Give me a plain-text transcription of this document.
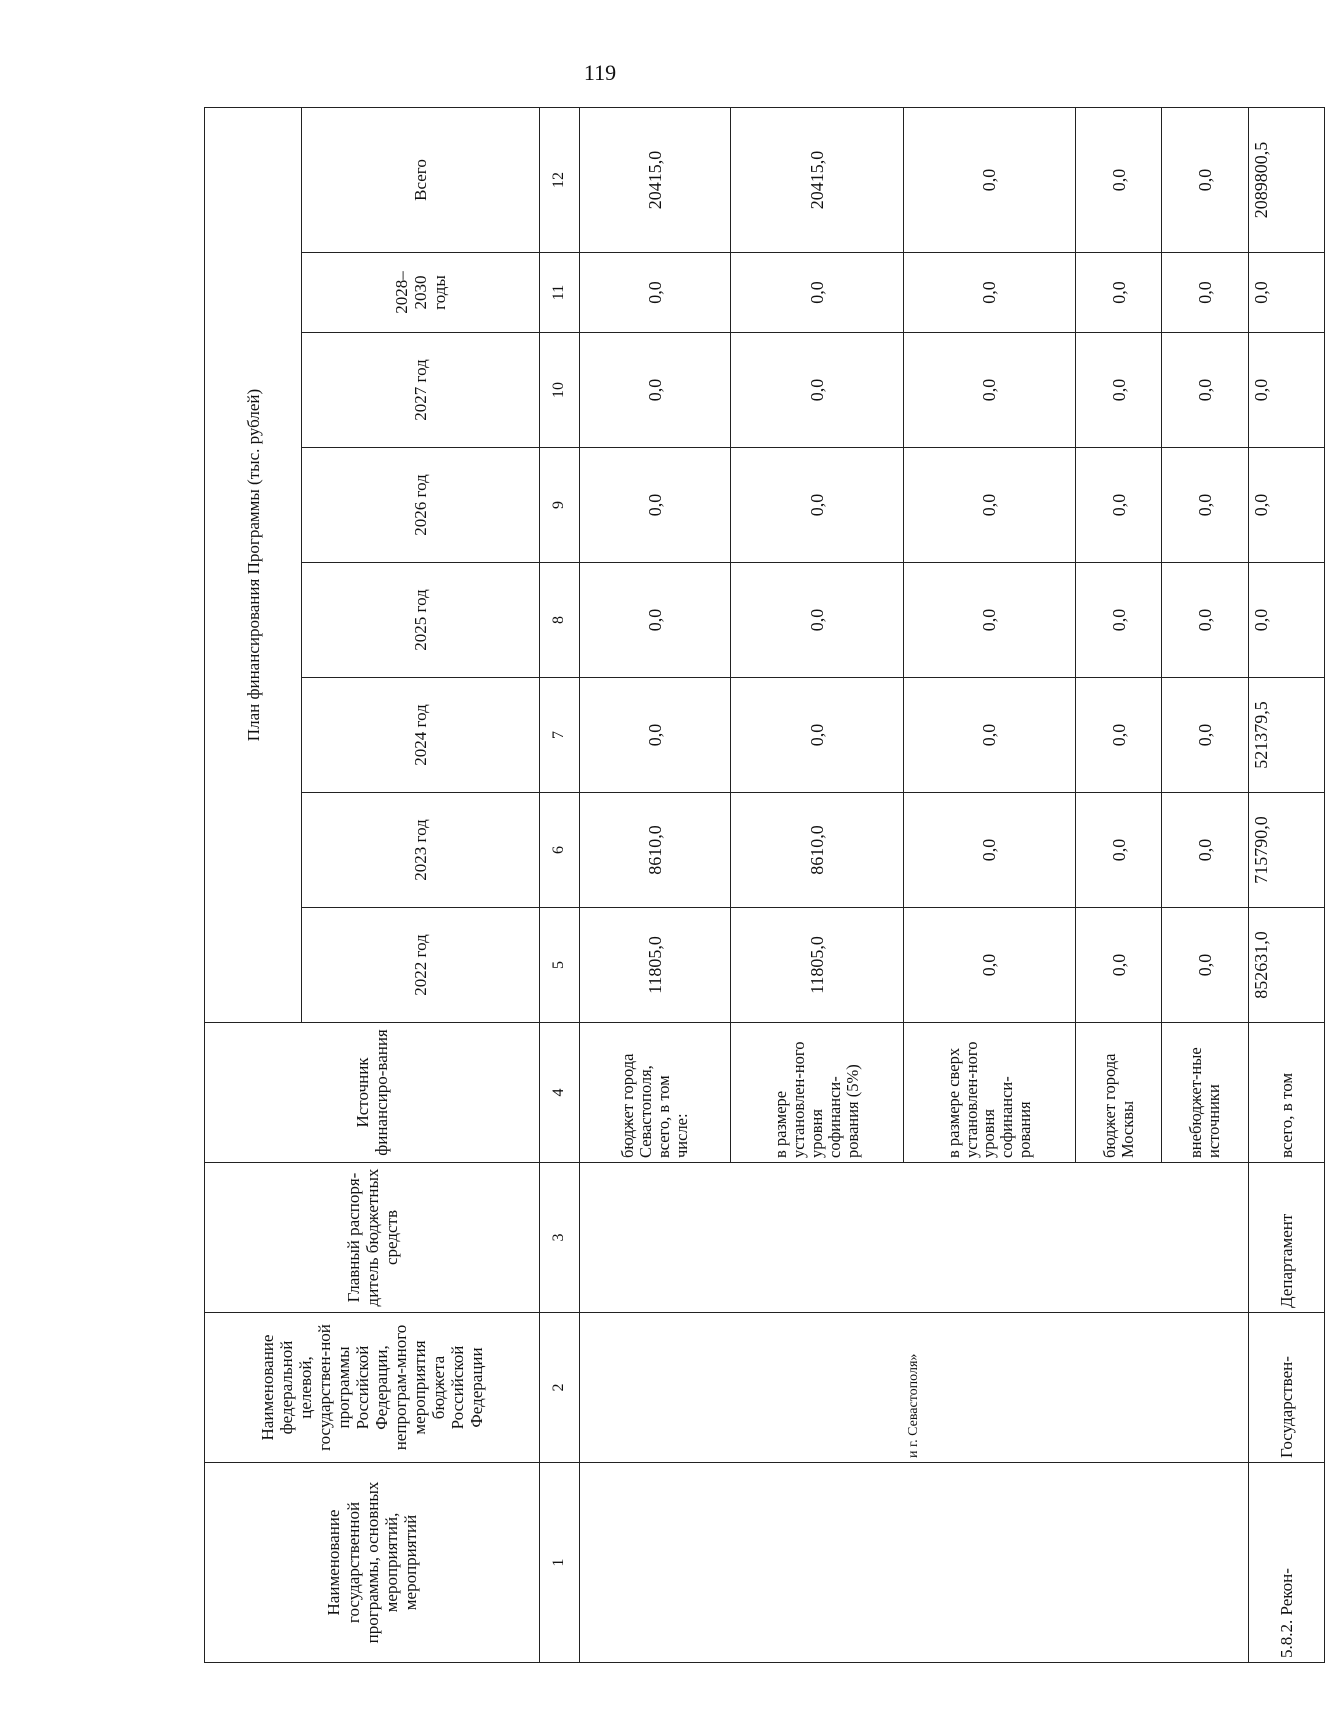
119
Наименование государственной программы, основных мероприятий, мероприятий	Наименование федеральной целевой, государствен-ной программы Российской Федерации, непрограм-много мероприятия бюджета Российской Федерации	Главный распоря-дитель бюджетных средств	Источник финансиро-вания	План финансирования Программы (тыс. рублей)							
				2022 год	2023 год	2024 год	2025 год	2026 год	2027 год	2028–2030 годы	Всего
1	2	3	4	5	6	7	8	9	10	11	12
	и г. Севастополя»		бюджет города Севастополя, всего, в том числе:	11805,0	8610,0	0,0	0,0	0,0	0,0	0,0	20415,0
			в размере установлен-ного уровня софинанси-рования (5%)	11805,0	8610,0	0,0	0,0	0,0	0,0	0,0	20415,0
			в размере сверх установлен-ного уровня софинанси-рования	0,0	0,0	0,0	0,0	0,0	0,0	0,0	0,0
			бюджет города Москвы	0,0	0,0	0,0	0,0	0,0	0,0	0,0	0,0
			внебюджет-ные источники	0,0	0,0	0,0	0,0	0,0	0,0	0,0	0,0
5.8.2. Рекон-	Государствен-	Департамент	всего, в том	852631,0	715790,0	521379,5	0,0	0,0	0,0	0,0	2089800,5
